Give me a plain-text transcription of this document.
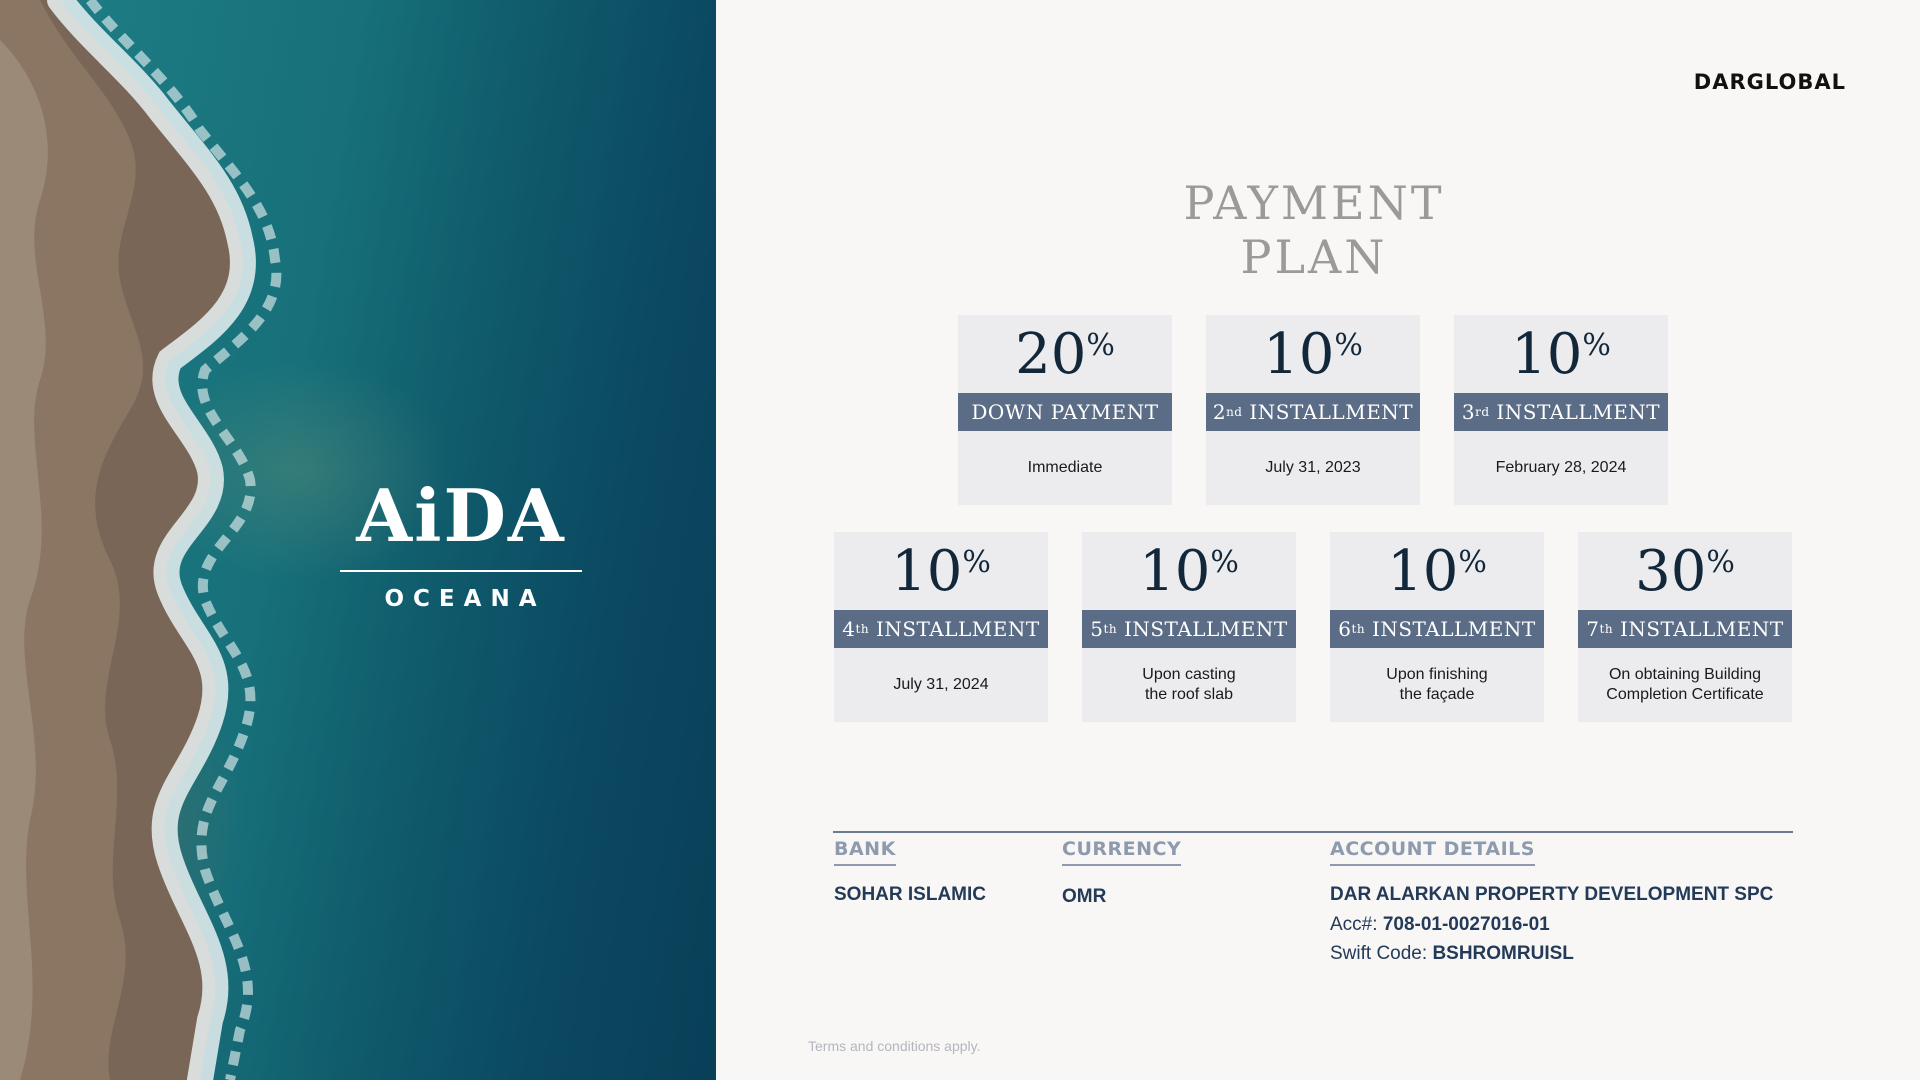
AiDA
OCEANA
DARGLOBAL
PAYMENT PLAN
20 %
DOWN PAYMENT
Immediate
10 %
2 nd
INSTALLMENT
July 31, 2023
10 %
3 rd
INSTALLMENT
February 28, 2024
10 %
4 th
INSTALLMENT
July 31, 2024
10 %
5 th
INSTALLMENT
Upon casting
the roof slab
10 %
6 th
INSTALLMENT
Upon finishing
the façade
30 %
7 th
INSTALLMENT
On obtaining Building
Completion Certificate
BANK
SOHAR ISLAMIC
CURRENCY
OMR
ACCOUNT DETAILS
DAR ALARKAN PROPERTY DEVELOPMENT SPC
Acc#: 708-01-0027016-01
Swift Code: BSHROMRUISL
Terms and conditions apply.
